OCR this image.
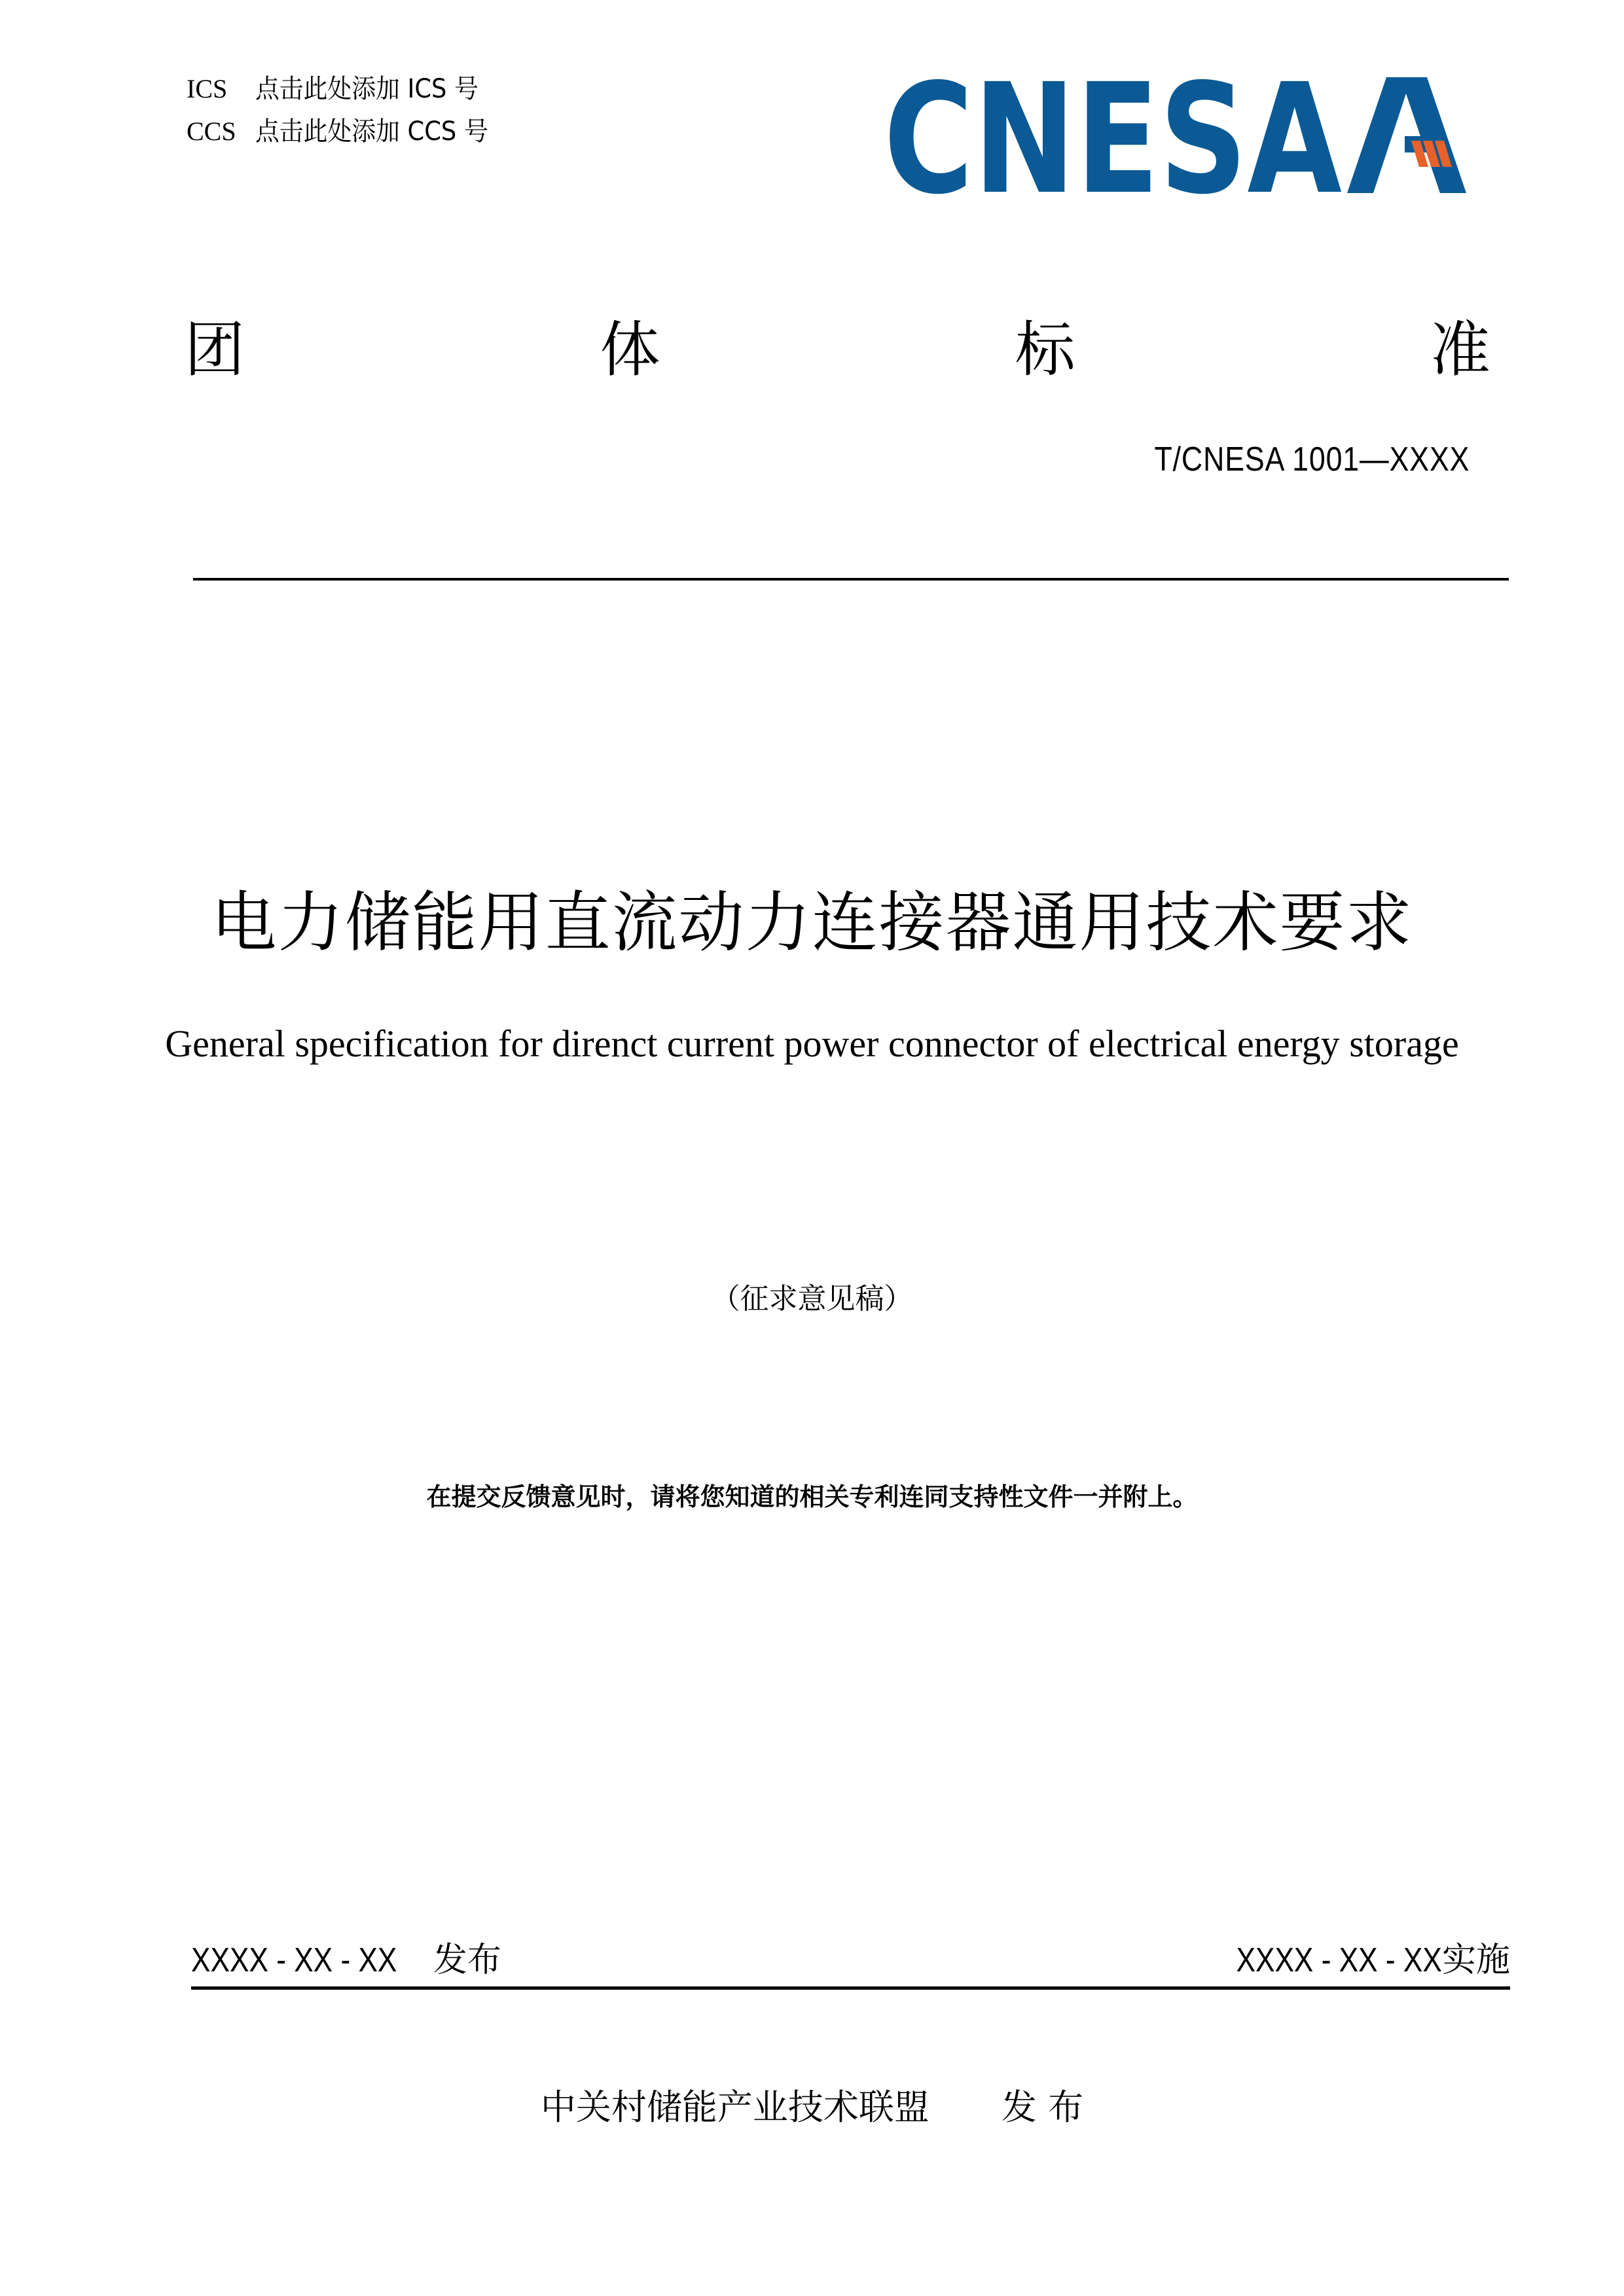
ICS 点击此处添加 ICS 号
CCS 点击此处添加 CCS 号	CNESA
团	体	标	准
T/CNESA 1001—XXXX
电力储能用直流动力连接器通用技术要求
General specification for direnct current power connector of electrical energy storage
（征求意见稿）
在提交反馈意见时，请将您知道的相关专利连同支持性文件一并附上。
XXXX - XX - XX 发布	XXXX - XX - XX实施
中关村储能产业技术联盟 发 布
